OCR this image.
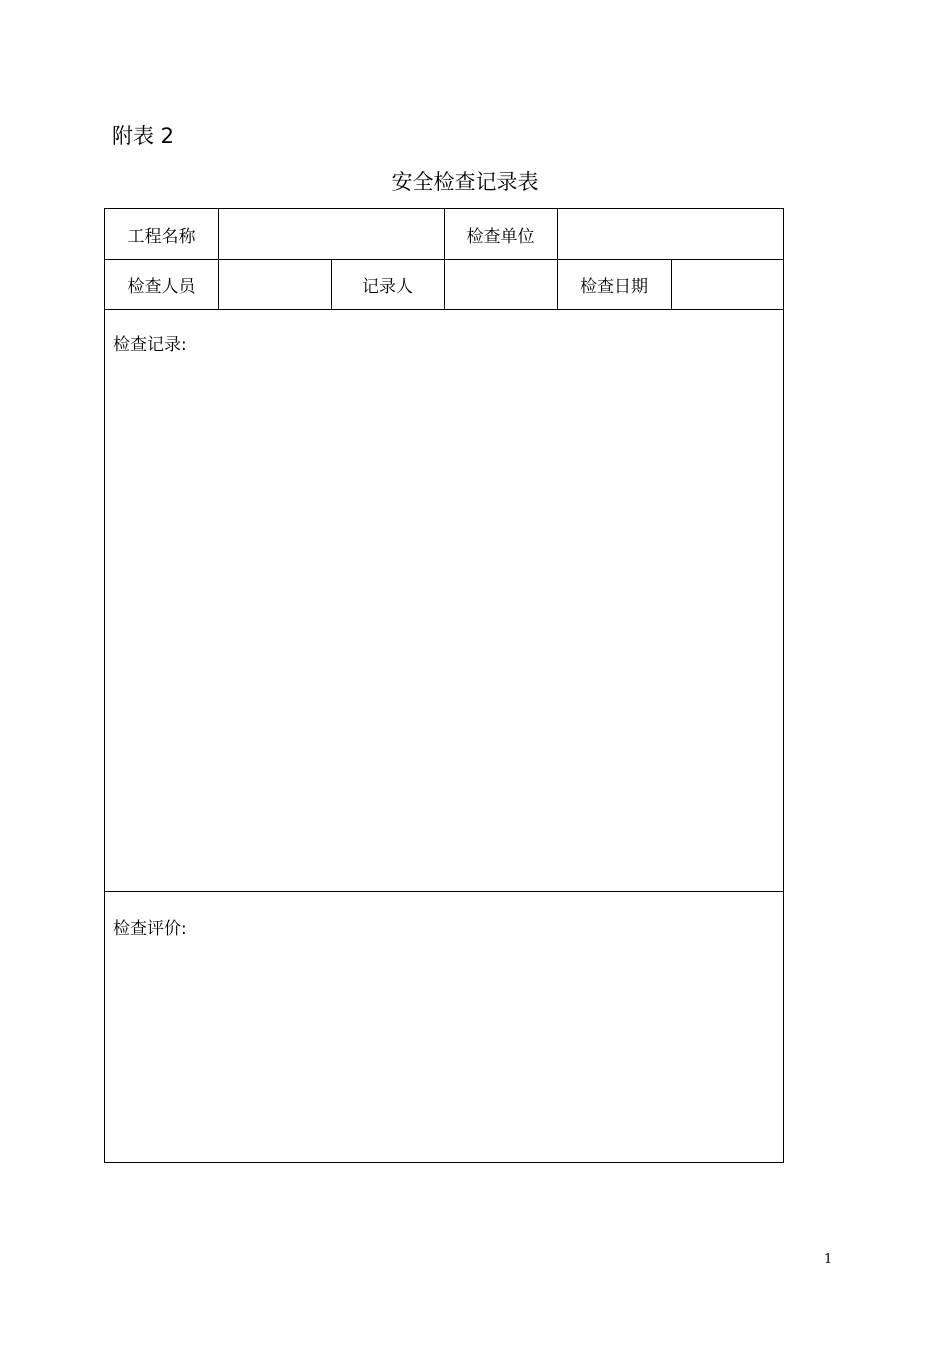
附表 2
安全检查记录表
工程名称	检查单位
检查人员	记录人	检查日期
检查记录:
检查评价:
1
